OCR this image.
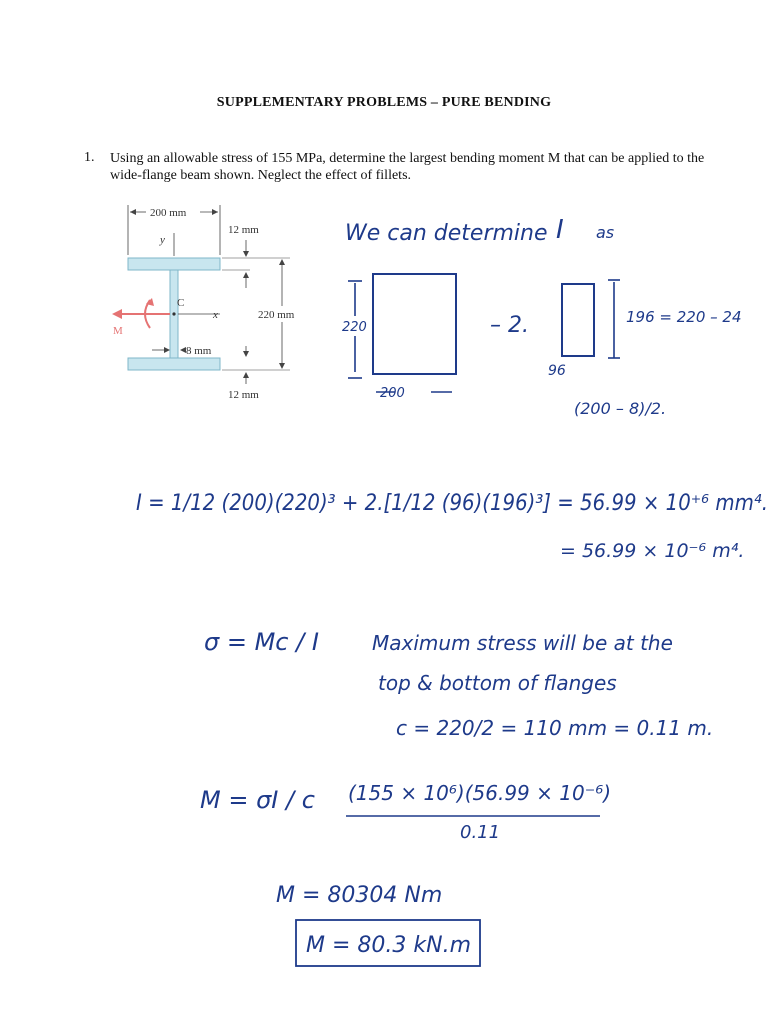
SUPPLEMENTARY PROBLEMS – PURE BENDING
1. Using an allowable stress of 155 MPa, determine the largest bending moment M that can be applied to the wide-flange beam shown. Neglect the effect of fillets.
200 mm
y
12 mm
220 mm
C
x
M
8 mm
12 mm
We can determine I as
220
200
– 2.	196 = 220 – 24
96
(200 – 8)/2.
I = 1/12 (200)(220)³ + 2.[1/12 (96)(196)³] = 56.99 × 10⁺⁶ mm⁴.
= 56.99 × 10⁻⁶ m⁴.
σ = Mc / I	Maximum stress will be at the
top & bottom of flanges
c = 220/2 = 110 mm = 0.11 m.
M = σI / c (155 × 10⁶)(56.99 × 10⁻⁶)
0.11
M = 80304 Nm
M = 80.3 kN.m
